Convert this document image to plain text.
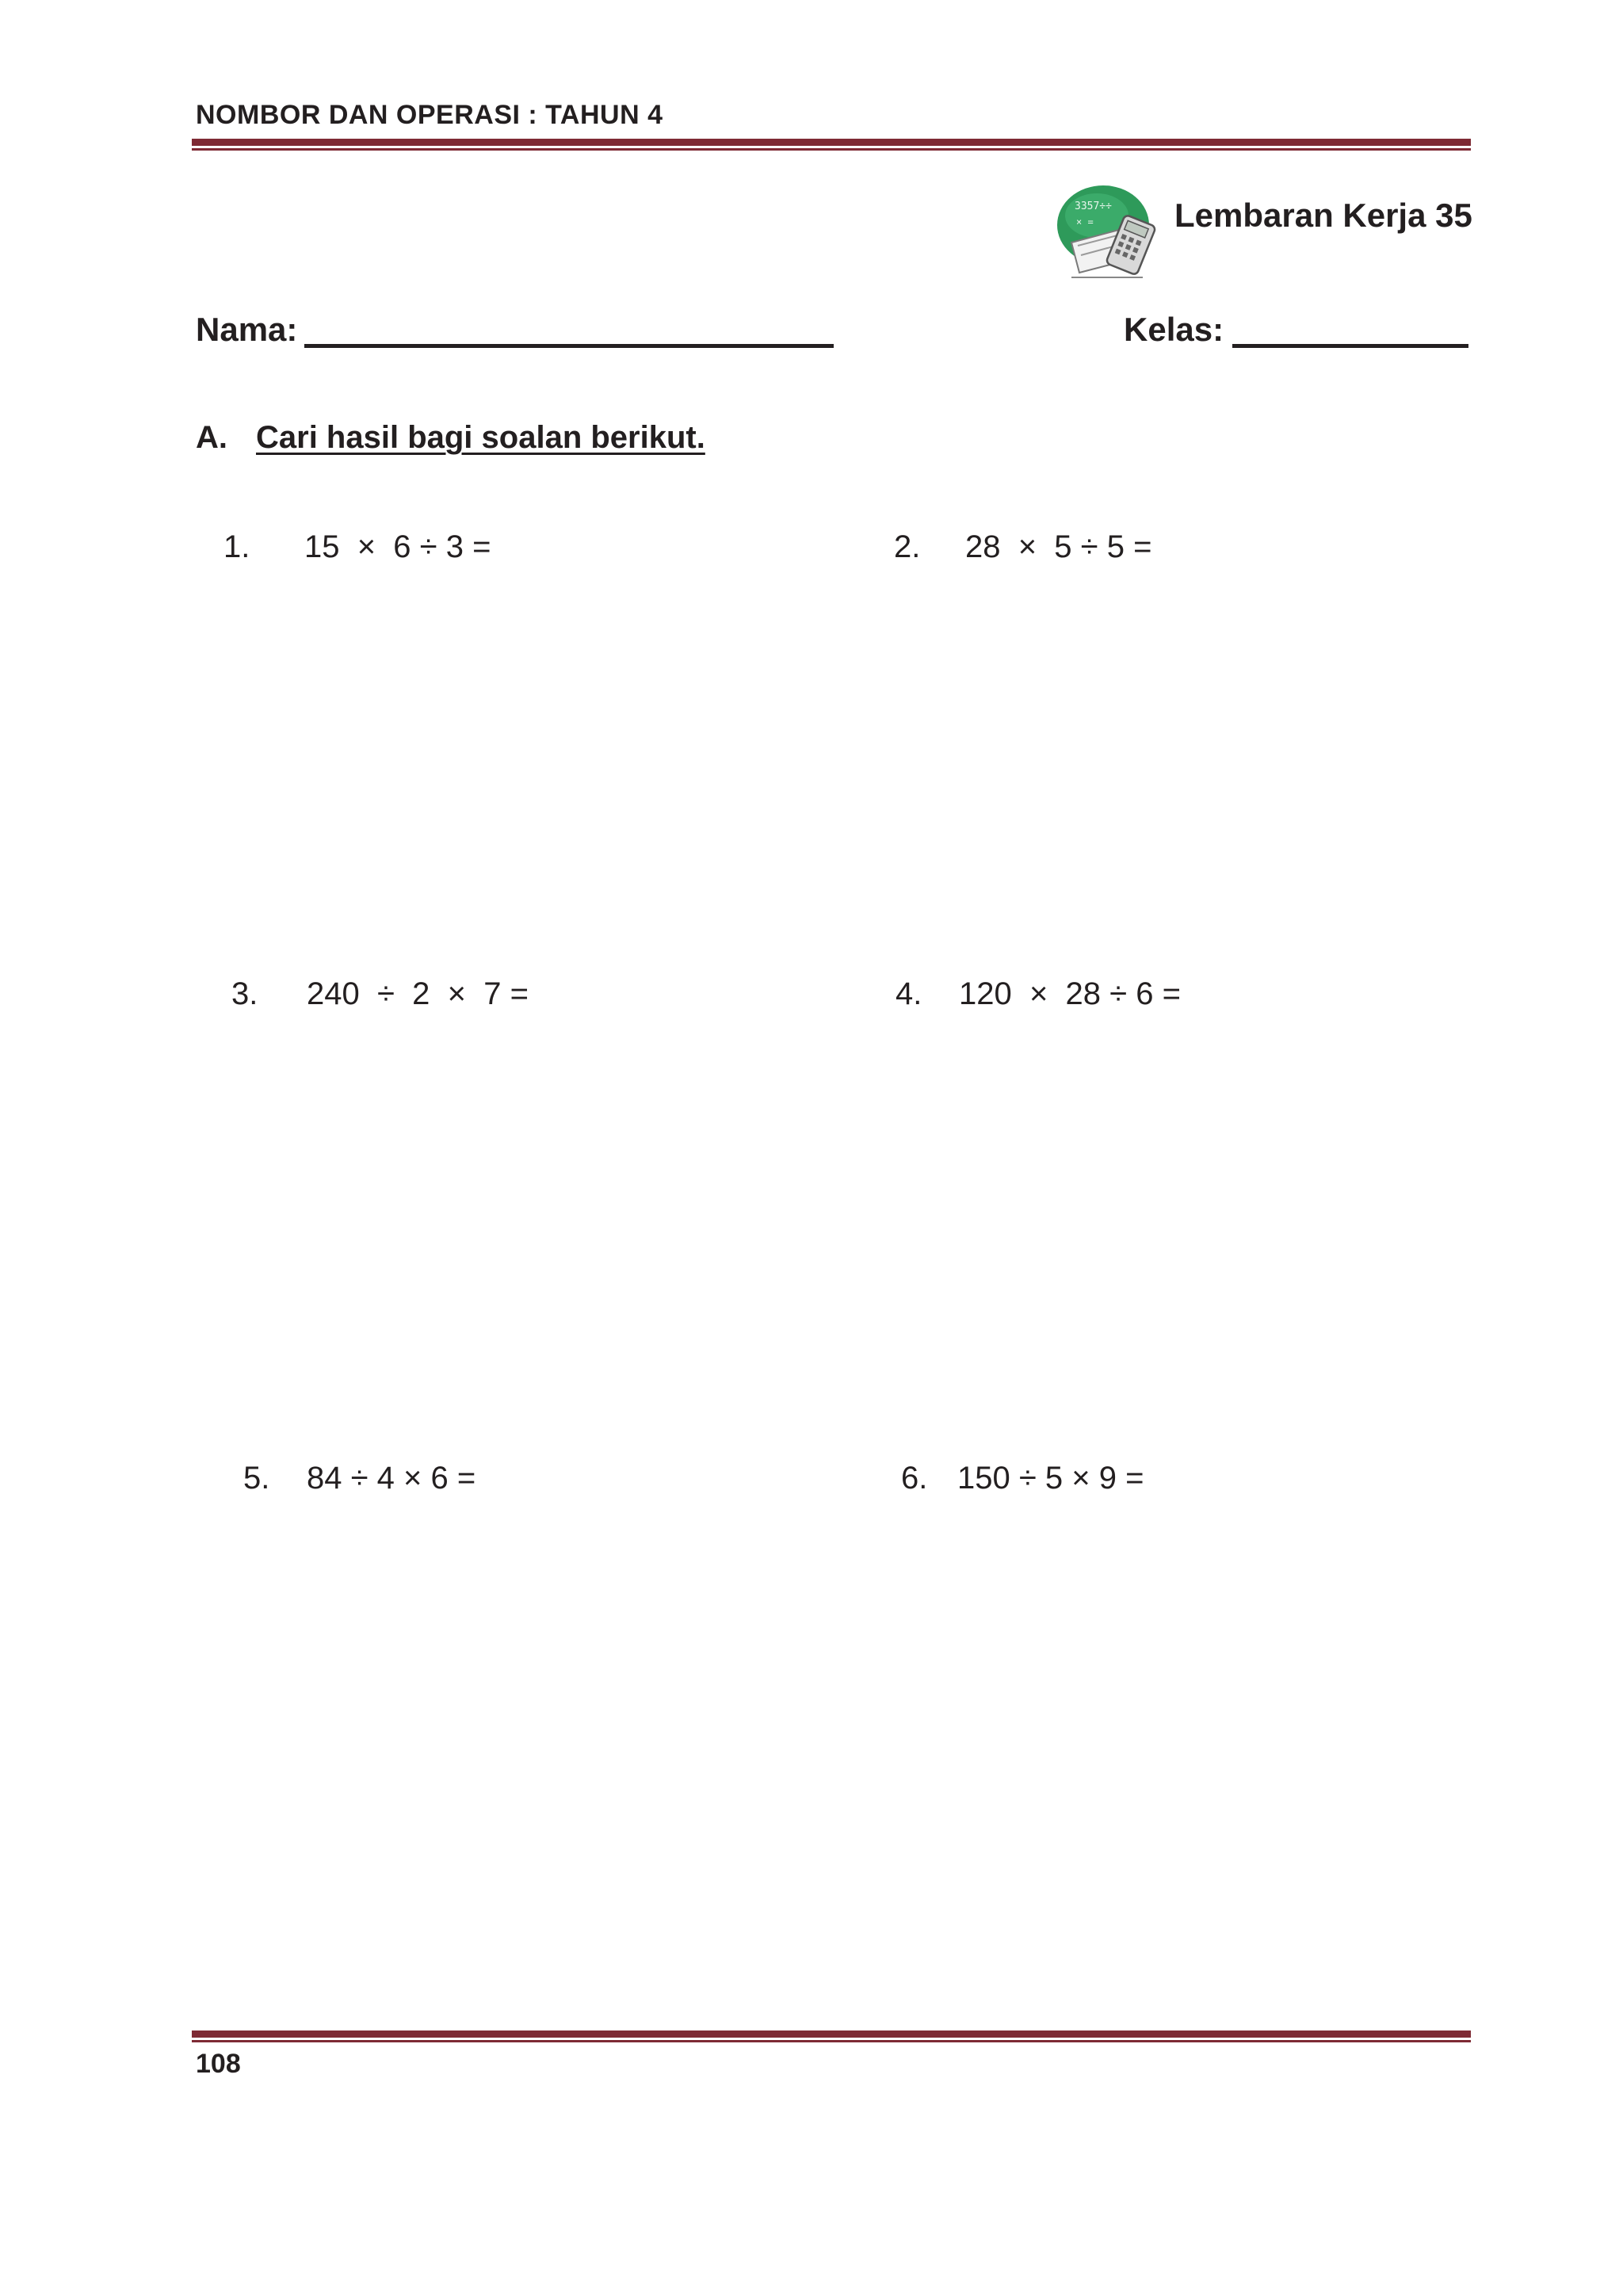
NOMBOR DAN OPERASI : TAHUN 4
3357÷÷
× = Lembaran Kerja 35
Nama:	Kelas:
A. Cari hasil bagi soalan berikut.
1. 15  ×  6 ÷ 3 =	2. 28  ×  5 ÷ 5 =
3. 240  ÷  2  ×  7 =	4. 120  ×  28 ÷ 6 =
5. 84 ÷ 4 × 6 =	6. 150 ÷ 5 × 9 =
108
